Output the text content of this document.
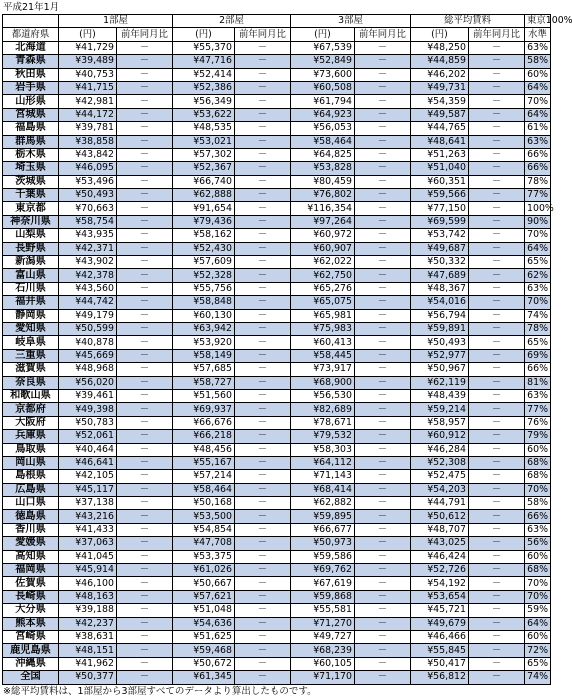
平成21年1月
	1部屋		2部屋		3部屋		総平均賃料		東京100%
都道府県	(円)	前年同月比	(円)	前年同月比	(円)	前年同月比	(円)	前年同月比	水準
北海道	¥41,729	－	¥55,370	－	¥67,539	－	¥48,250	－	63%
青森県	¥39,489	－	¥47,716	－	¥52,849	－	¥44,859	－	58%
秋田県	¥40,753	－	¥52,414	－	¥73,600	－	¥46,202	－	60%
岩手県	¥41,715	－	¥52,386	－	¥60,508	－	¥49,731	－	64%
山形県	¥42,981	－	¥56,349	－	¥61,794	－	¥54,359	－	70%
宮城県	¥44,172	－	¥53,622	－	¥64,923	－	¥49,587	－	64%
福島県	¥39,781	－	¥48,535	－	¥56,053	－	¥44,765	－	61%
群馬県	¥38,858	－	¥53,021	－	¥58,464	－	¥48,641	－	63%
栃木県	¥43,842	－	¥57,302	－	¥64,825	－	¥51,263	－	66%
埼玉県	¥46,095	－	¥52,367	－	¥53,828	－	¥51,040	－	66%
茨城県	¥53,496	－	¥66,740	－	¥80,459	－	¥60,351	－	78%
千葉県	¥50,493	－	¥62,888	－	¥76,802	－	¥59,566	－	77%
東京都	¥70,663	－	¥91,654	－	¥116,354	－	¥77,150	－	100%
神奈川県	¥58,754	－	¥79,436	－	¥97,264	－	¥69,599	－	90%
山梨県	¥43,935	－	¥58,162	－	¥60,972	－	¥53,742	－	70%
長野県	¥42,371	－	¥52,430	－	¥60,907	－	¥49,687	－	64%
新潟県	¥43,902	－	¥57,609	－	¥62,022	－	¥50,332	－	65%
富山県	¥42,378	－	¥52,328	－	¥62,750	－	¥47,689	－	62%
石川県	¥43,560	－	¥55,756	－	¥65,276	－	¥48,367	－	63%
福井県	¥44,742	－	¥58,848	－	¥65,075	－	¥54,016	－	70%
静岡県	¥49,179	－	¥60,130	－	¥65,981	－	¥56,794	－	74%
愛知県	¥50,599	－	¥63,942	－	¥75,983	－	¥59,891	－	78%
岐阜県	¥40,878	－	¥53,920	－	¥60,413	－	¥50,493	－	65%
三重県	¥45,669	－	¥58,149	－	¥58,445	－	¥52,977	－	69%
滋賀県	¥48,968	－	¥57,685	－	¥73,917	－	¥50,967	－	66%
奈良県	¥56,020	－	¥58,727	－	¥68,900	－	¥62,119	－	81%
和歌山県	¥39,461	－	¥51,560	－	¥56,530	－	¥48,439	－	63%
京都府	¥49,398	－	¥69,937	－	¥82,689	－	¥59,214	－	77%
大阪府	¥50,783	－	¥66,676	－	¥78,671	－	¥58,957	－	76%
兵庫県	¥52,061	－	¥66,218	－	¥79,532	－	¥60,912	－	79%
鳥取県	¥40,464	－	¥48,456	－	¥58,303	－	¥46,284	－	60%
岡山県	¥46,641	－	¥55,167	－	¥64,112	－	¥52,308	－	68%
島根県	¥42,105	－	¥57,214	－	¥71,143	－	¥52,475	－	68%
広島県	¥45,117	－	¥58,464	－	¥68,414	－	¥54,203	－	70%
山口県	¥37,138	－	¥50,168	－	¥62,882	－	¥44,791	－	58%
徳島県	¥43,216	－	¥53,500	－	¥59,895	－	¥50,612	－	66%
香川県	¥41,433	－	¥54,854	－	¥66,677	－	¥48,707	－	63%
愛媛県	¥37,063	－	¥47,708	－	¥50,973	－	¥43,025	－	56%
高知県	¥41,045	－	¥53,375	－	¥59,586	－	¥46,424	－	60%
福岡県	¥45,914	－	¥61,026	－	¥69,762	－	¥52,726	－	68%
佐賀県	¥46,100	－	¥50,667	－	¥67,619	－	¥54,192	－	70%
長崎県	¥48,163	－	¥57,621	－	¥59,868	－	¥53,654	－	70%
大分県	¥39,188	－	¥51,048	－	¥55,581	－	¥45,721	－	59%
熊本県	¥42,237	－	¥54,636	－	¥71,270	－	¥49,679	－	64%
宮崎県	¥38,631	－	¥51,625	－	¥49,727	－	¥46,466	－	60%
鹿児島県	¥48,151	－	¥59,468	－	¥68,239	－	¥55,845	－	72%
沖縄県	¥41,962	－	¥50,672	－	¥60,105	－	¥50,417	－	65%
全国	¥50,377	－	¥61,345	－	¥71,170	－	¥56,812	－	74%
※総平均賃料は、1部屋から3部屋すべてのデータより算出したものです。
